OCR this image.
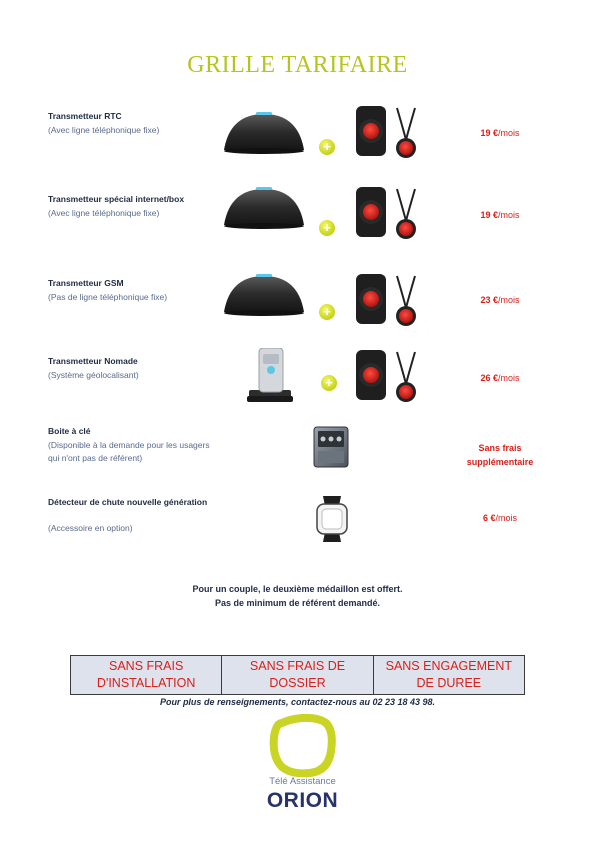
GRILLE TARIFAIRE
Transmetteur RTC
(Avec ligne téléphonique fixe)
+
19 €/mois
Transmetteur spécial internet/box
(Avec ligne téléphonique fixe)
+
19 €/mois
Transmetteur GSM
(Pas de ligne téléphonique fixe)
+
23 €/mois
Transmetteur Nomade
(Système géolocalisant)	+	26 €/mois
Boite à clé
(Disponible à la demande pour les usagers qui n'ont pas de référent)
Sans frais
supplémentaire
Détecteur de chute nouvelle génération
(Accessoire en option)
6 €/mois
Pour un couple, le deuxième médaillon est offert.
Pas de minimum de référent demandé.
SANS FRAIS D'INSTALLATION	SANS FRAIS DE DOSSIER	SANS ENGAGEMENT DE DUREE
Pour plus de renseignements, contactez-nous au 02 23 18 43 98.
Télé Assistance
ORION
